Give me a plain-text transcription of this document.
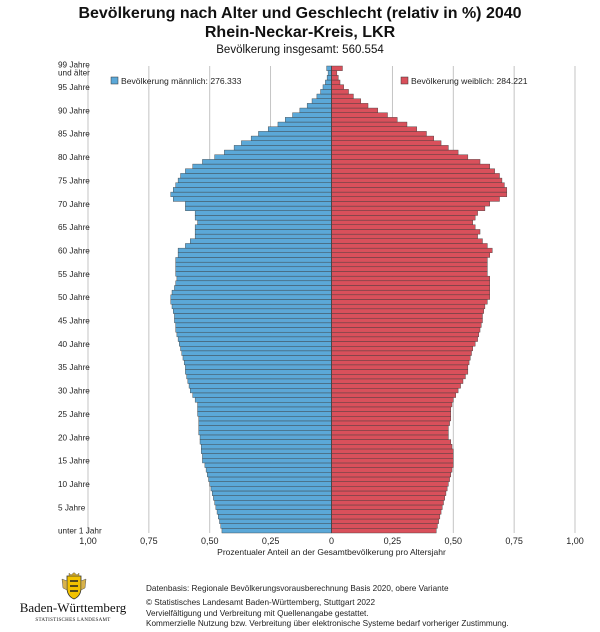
Bevölkerung nach Alter und Geschlecht (relativ in %) 2040
Rhein-Neckar-Kreis, LKR
Bevölkerung insgesamt: 560.554
1,00	0,75	0,50	0,25	0	0,25	0,50	0,75	1,00
Prozentualer Anteil an der Gesamtbevölkerung pro Altersjahr
unter 1 Jahr
5 Jahre
10 Jahre
15 Jahre
20 Jahre
25 Jahre
30 Jahre
35 Jahre
40 Jahre
45 Jahre
50 Jahre
55 Jahre
60 Jahre
65 Jahre
70 Jahre
75 Jahre
80 Jahre
85 Jahre
90 Jahre
95 Jahre
99 Jahre und älter
Bevölkerung männlich: 276.333	Bevölkerung weiblich: 284.221
Datenbasis: Regionale Bevölkerungsvorausberechnung Basis 2020, obere Variante
© Statistisches Landesamt Baden-Württemberg, Stuttgart 2022
Vervielfältigung und Verbreitung mit Quellenangabe gestattet.
Kommerzielle Nutzung bzw. Verbreitung über elektronische Systeme bedarf vorheriger Zustimmung.
Baden-Württemberg
STATISTISCHES LANDESAMT
